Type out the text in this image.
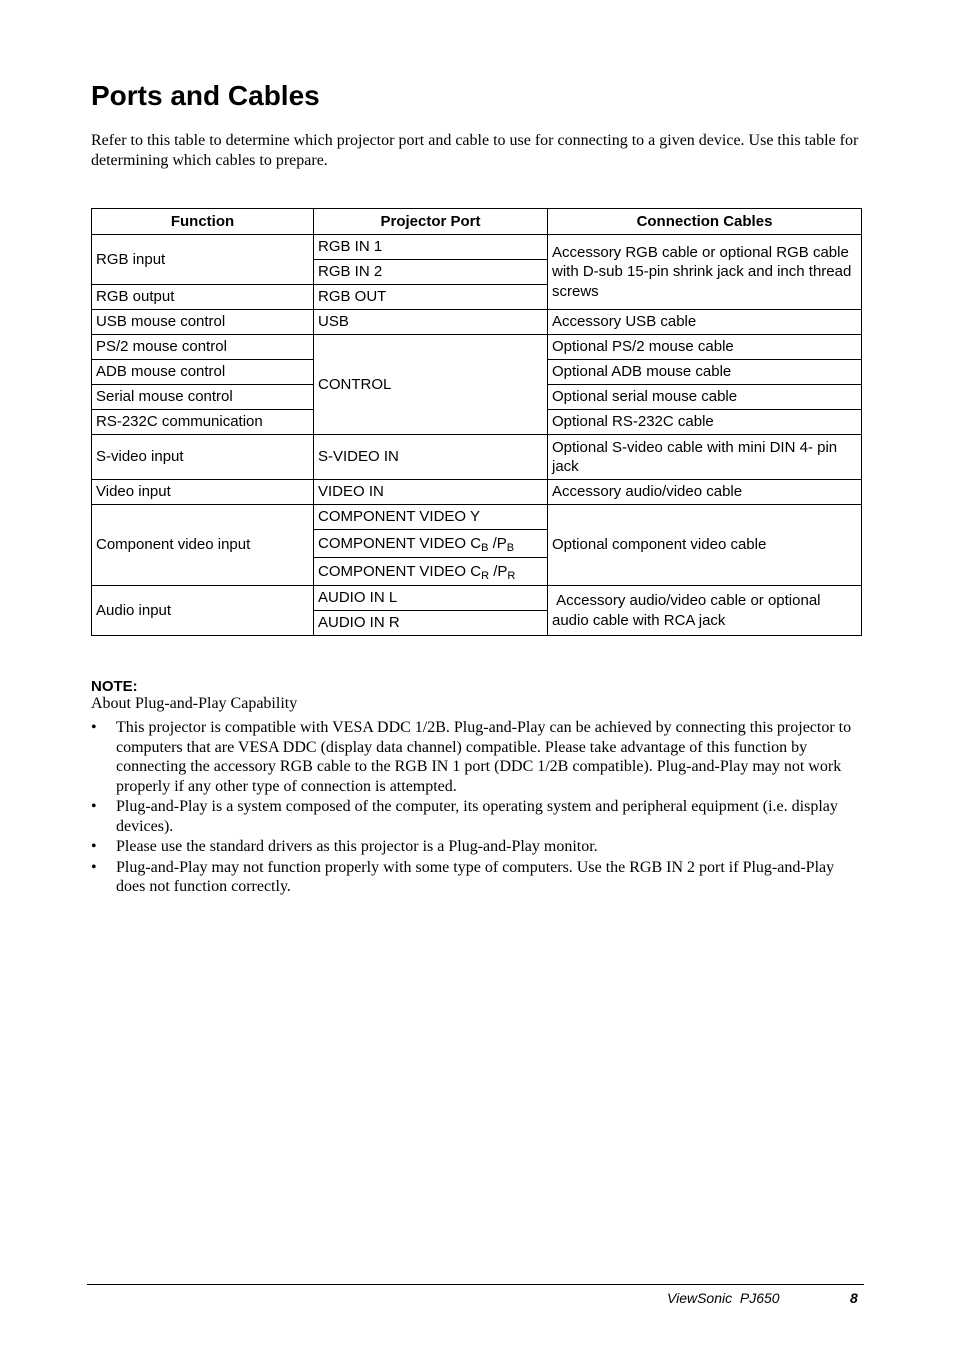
Ports and Cables

Refer to this table to determine which projector port and cable to use for connecting to a given device. Use this table for determining which cables to prepare.

Function	Projector Port	Connection Cables
RGB input	RGB IN 1	Accessory RGB cable or optional RGB cable with D-sub 15-pin shrink jack and inch thread screws
	RGB IN 2	
RGB output	RGB OUT	
USB mouse control	USB	Accessory USB cable
PS/2 mouse control	CONTROL	Optional PS/2 mouse cable
ADB mouse control		Optional ADB mouse cable
Serial mouse control		Optional serial mouse cable
RS-232C communication		Optional RS-232C cable
S-video input	S-VIDEO IN	Optional S-video cable with mini DIN 4- pin jack
Video input	VIDEO IN	Accessory audio/video cable
Component video input	COMPONENT VIDEO Y	Optional component video cable
	COMPONENT VIDEO $C_B$ $/P_B$
	COMPONENT VIDEO $C_R$ $/P_R$
Audio input	AUDIO IN L	Accessory audio/video cable or optional audio cable with RCA jack
	AUDIO IN R	

NOTE:

About Plug-and-Play Capability

• This projector is compatible with VESA DDC 1/2B. Plug-and-Play can be achieved by connecting this projector to computers that are VESA DDC (display data channel) compatible. Please take advantage of this function by connecting the accessory RGB cable to the RGB IN 1 port (DDC 1/2B compatible). Plug-and-Play may not work properly if any other type of connection is attempted.
• Plug-and-Play is a system composed of the computer, its operating system and peripheral equipment (i.e. display devices).
• Please use the standard drivers as this projector is a Plug-and-Play monitor.
• Plug-and-Play may not function properly with some type of computers. Use the RGB IN 2 port if Plug-and-Play does not function correctly.
ViewSonic  PJ650	8
